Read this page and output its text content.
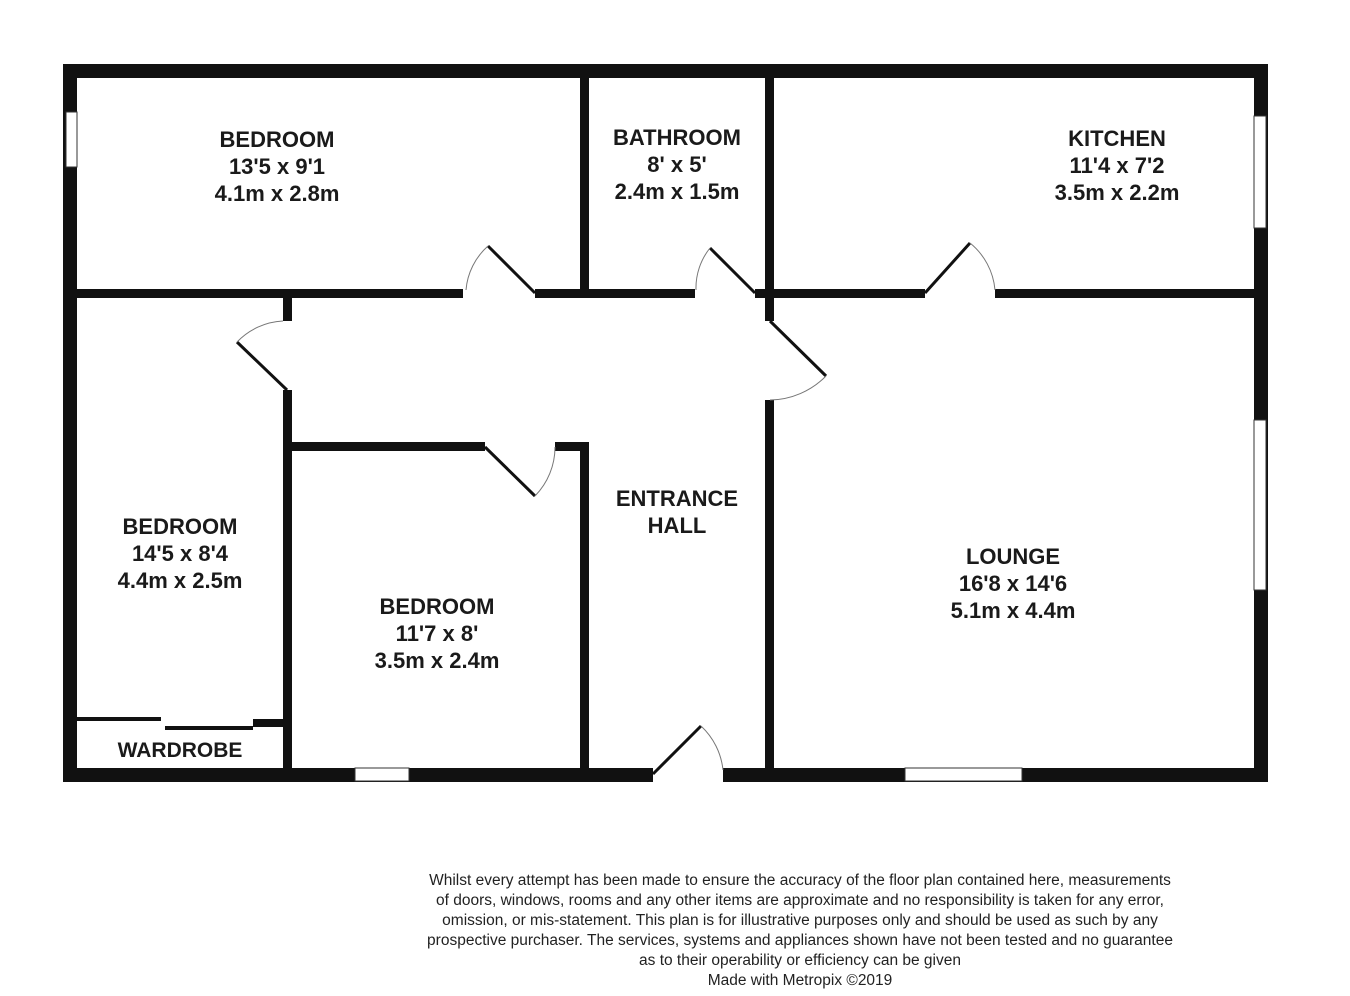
BEDROOM
13'5 x 9'1
4.1m x 2.8m
BATHROOM
8' x 5'
2.4m x 1.5m
KITCHEN
11'4 x 7'2
3.5m x 2.2m
BEDROOM
14'5 x 8'4
4.4m x 2.5m
BEDROOM
11'7 x 8'
3.5m x 2.4m
ENTRANCE
HALL
LOUNGE
16'8 x 14'6
5.1m x 4.4m
WARDROBE
Whilst every attempt has been made to ensure the accuracy of the floor plan contained here, measurements
of doors, windows, rooms and any other items are approximate and no responsibility is taken for any error,
omission, or mis-statement. This plan is for illustrative purposes only and should be used as such by any
prospective purchaser. The services, systems and appliances shown have not been tested and no guarantee
as to their operability or efficiency can be given
Made with Metropix ©2019
